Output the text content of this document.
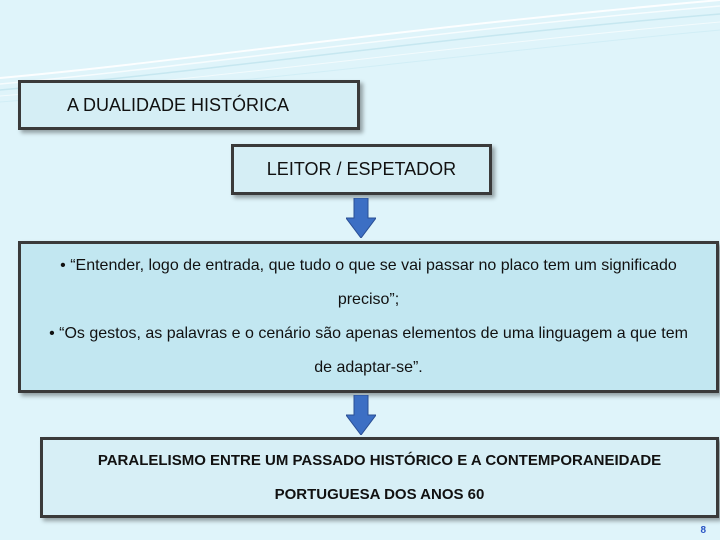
A DUALIDADE HISTÓRICA
LEITOR / ESPETADOR

• “Entender, logo de entrada, que tudo o que se vai passar no placo tem um significado preciso”;

• “Os gestos, as palavras e o cenário são apenas elementos de uma linguagem a que tem de adaptar-se”.

PARALELISMO ENTRE UM PASSADO HISTÓRICO E A CONTEMPORANEIDADE PORTUGUESA DOS ANOS 60

8
